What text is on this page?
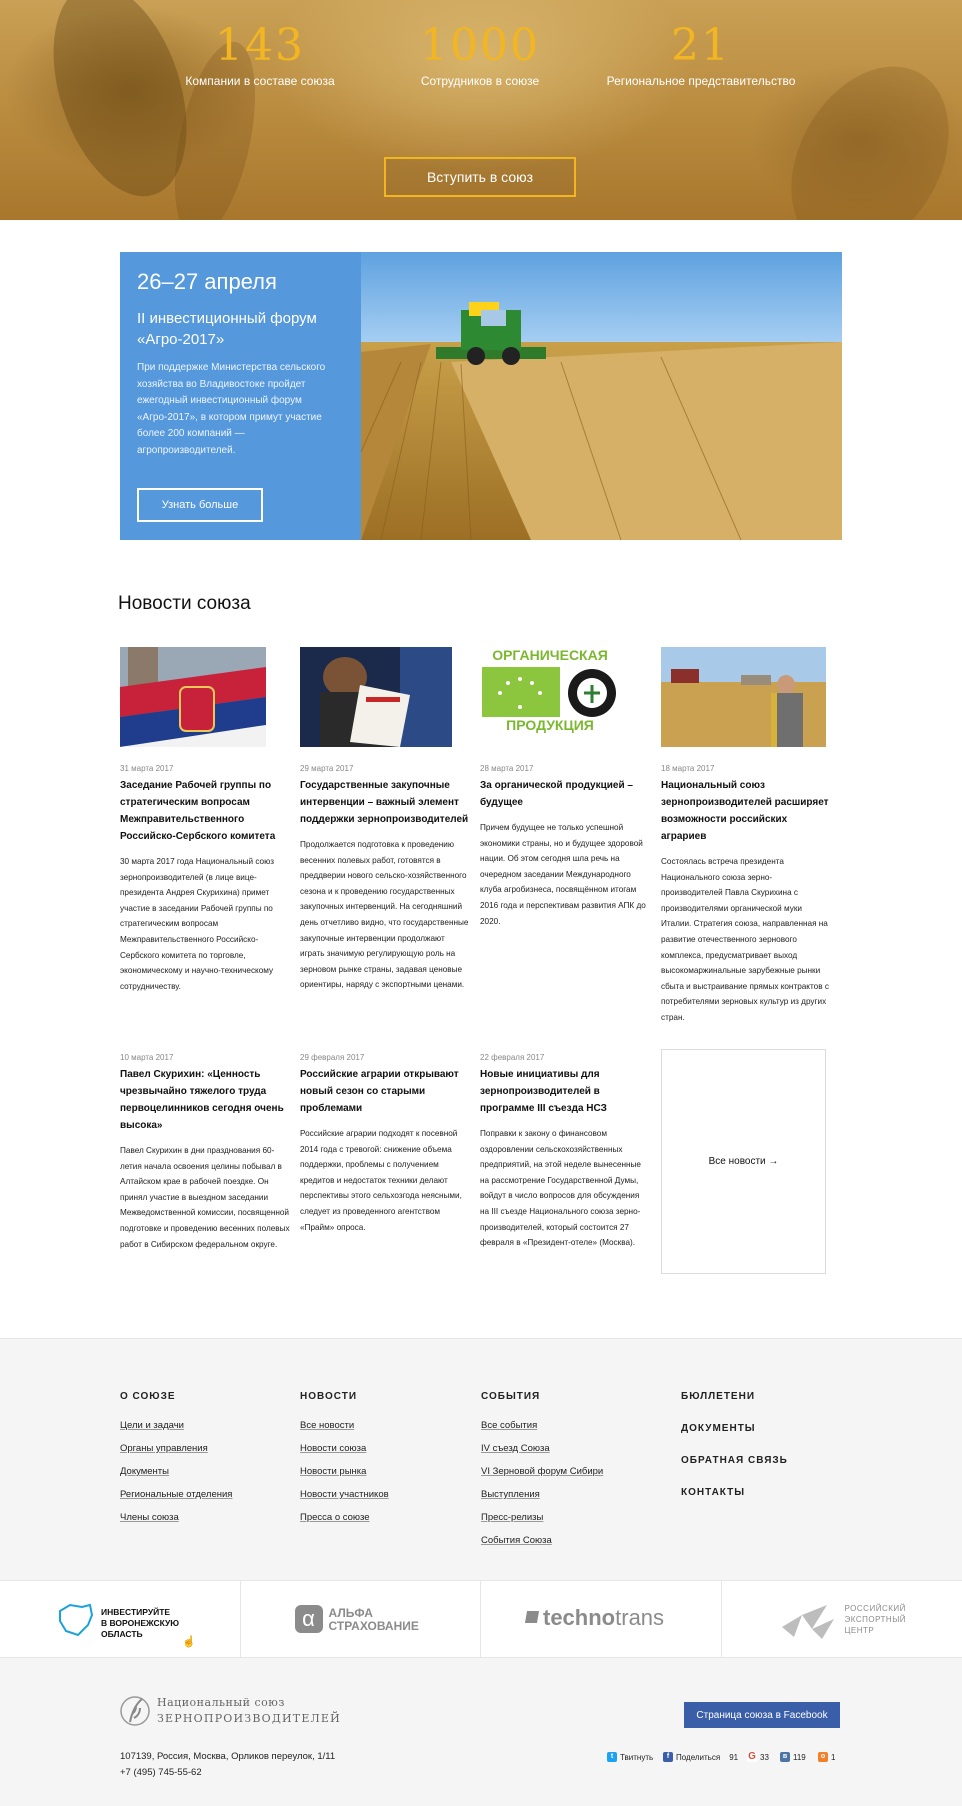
143
Компании в составе союза
1000
Сотрудников в союзе
21
Региональное представительство
Вступить в союз
26–27 апреля
II инвестиционный форум «Агро-2017»
При поддержке Министерства сельского хозяйства во Владивостоке пройдет ежегодный инвестиционный форум «Агро-2017», в котором примут участие более 200 компаний — агропроизводителей.
Узнать больше
Новости союза
31 марта 2017
Заседание Рабочей группы по стратегическим вопросам Межправительственного Российско-Сербского комитета
30 марта 2017 года Национальный союз зернопроизводителей (в лице вице-президента Андрея Скурихина) примет участие в заседании Рабочей группы по стратегическим вопросам Межправительственного Российско-Сербского комитета по торговле, экономическому и научно-техническому сотрудничеству.
29 марта 2017
Государственные закупочные интервенции – важный элемент поддержки зернопроизводителей
Продолжается подготовка к проведению весенних полевых работ, готовятся в преддверии нового сельско-хозяйственного сезона и к проведению государственных закупочных интервенций. На сегодняшний день отчетливо видно, что государственные закупочные интервенции продолжают играть значимую регулирующую роль на зерновом рынке страны, задавая ценовые ориентиры, наряду с экспортными ценами.
ОРГАНИЧЕСКАЯ
ПРОДУКЦИЯ
28 марта 2017
За органической продукцией – будущее
Причем будущее не только успешной экономики страны, но и будущее здоровой нации. Об этом сегодня шла речь на очередном заседании Международного клуба агробизнеса, посвящённом итогам 2016 года и перспективам развития АПК до 2020.
18 марта 2017
Национальный союз зернопроизводителей расширяет возможности российских аграриев
Состоялась встреча президента Национального союза зерно-производителей Павла Скурихина с производителями органической муки Италии. Стратегия союза, направленная на развитие отечественного зернового комплекса, предусматривает выход высокомаржинальные зарубежные рынки сбыта и выстраивание прямых контрактов с потребителями зерновых культур из других стран.
10 марта 2017
Павел Скурихин: «Ценность чрезвычайно тяжелого труда первоцелинников сегодня очень высока»
Павел Скурихин в дни празднования 60-летия начала освоения целины побывал в Алтайском крае в рабочей поездке. Он принял участие в выездном заседании Межведомственной комиссии, посвященной подготовке и проведению весенних полевых работ в Сибирском федеральном округе.
29 февраля 2017
Российские аграрии открывают новый сезон со старыми проблемами
Российские аграрии подходят к посевной 2014 года с тревогой: снижение объема поддержки, проблемы с получением кредитов и недостаток техники делают перспективы этого сельхозгода неясными, следует из проведенного агентством «Прайм» опроса.
22 февраля 2017
Новые инициативы для зернопроизводителей в программе III съезда НСЗ
Поправки к закону о финансовом оздоровлении сельскохозяйственных предприятий, на этой неделе вынесенные на рассмотрение Государственной Думы, войдут в число вопросов для обсуждения на III съезде Национального союза зерно-производителей, который состоится 27 февраля в «Президент-отеле» (Москва).
Все новости →
О СОЮЗЕ
Цели и задачи
Органы управления
Документы
Региональные отделения
Члены союза
НОВОСТИ
Все новости
Новости союза
Новости рынка
Новости участников
Пресса о союзе
СОБЫТИЯ
Все события
IV съезд Союза
VI Зерновой форум Сибири
Выступления
Пресс-релизы
События Союза
БЮЛЛЕТЕНИ
ДОКУМЕНТЫ
ОБРАТНАЯ СВЯЗЬ
КОНТАКТЫ
ИНВЕСТИРУЙТЕ
В ВОРОНЕЖСКУЮ
ОБЛАСТЬ
☝
α	АЛЬФА
СТРАХОВАНИЕ	technotrans	РОССИЙСКИЙ
ЭКСПОРТНЫЙ
ЦЕНТР
Национальный союз
ЗЕРНОПРОИЗВОДИТЕЛЕЙ
107139, Россия, Москва, Орликов переулок, 1/11
+7 (495) 745-55-62
Страница союза в Facebook
t Твитнуть	f Поделиться 91 G 33	в 119	о 1
